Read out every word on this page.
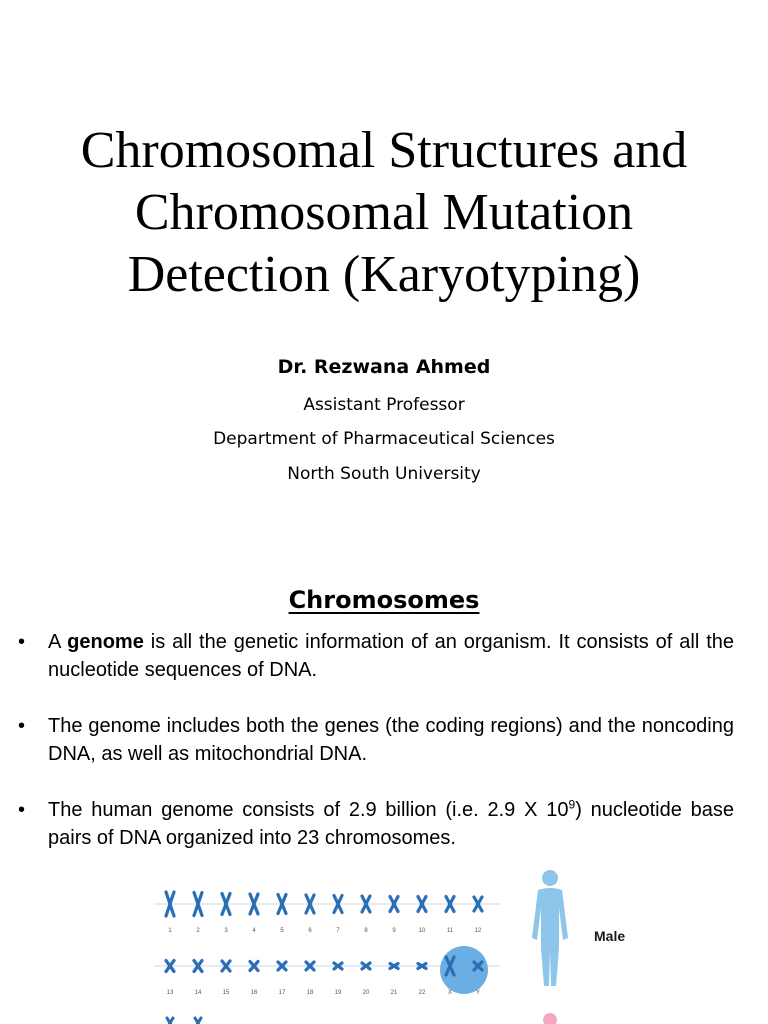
Chromosomal Structures and
Chromosomal Mutation
Detection (Karyotyping)
Dr. Rezwana Ahmed
Assistant Professor
Department of Pharmaceutical Sciences
North South University
Chromosomes
• A genome is all the genetic information of an organism. It consists of all the nucleotide sequences of DNA.
• The genome includes both the genes (the coding regions) and the noncoding DNA, as well as mitochondrial DNA.
• The human genome consists of 2.9 billion (i.e. 2.9 X $10^9$) nucleotide base pairs of DNA organized into 23 chromosomes.
1	2	3	4	5	6	7	8	9	10	11	12
13	14	15	16	17	18	19	20	21	22	X	Y
Male
